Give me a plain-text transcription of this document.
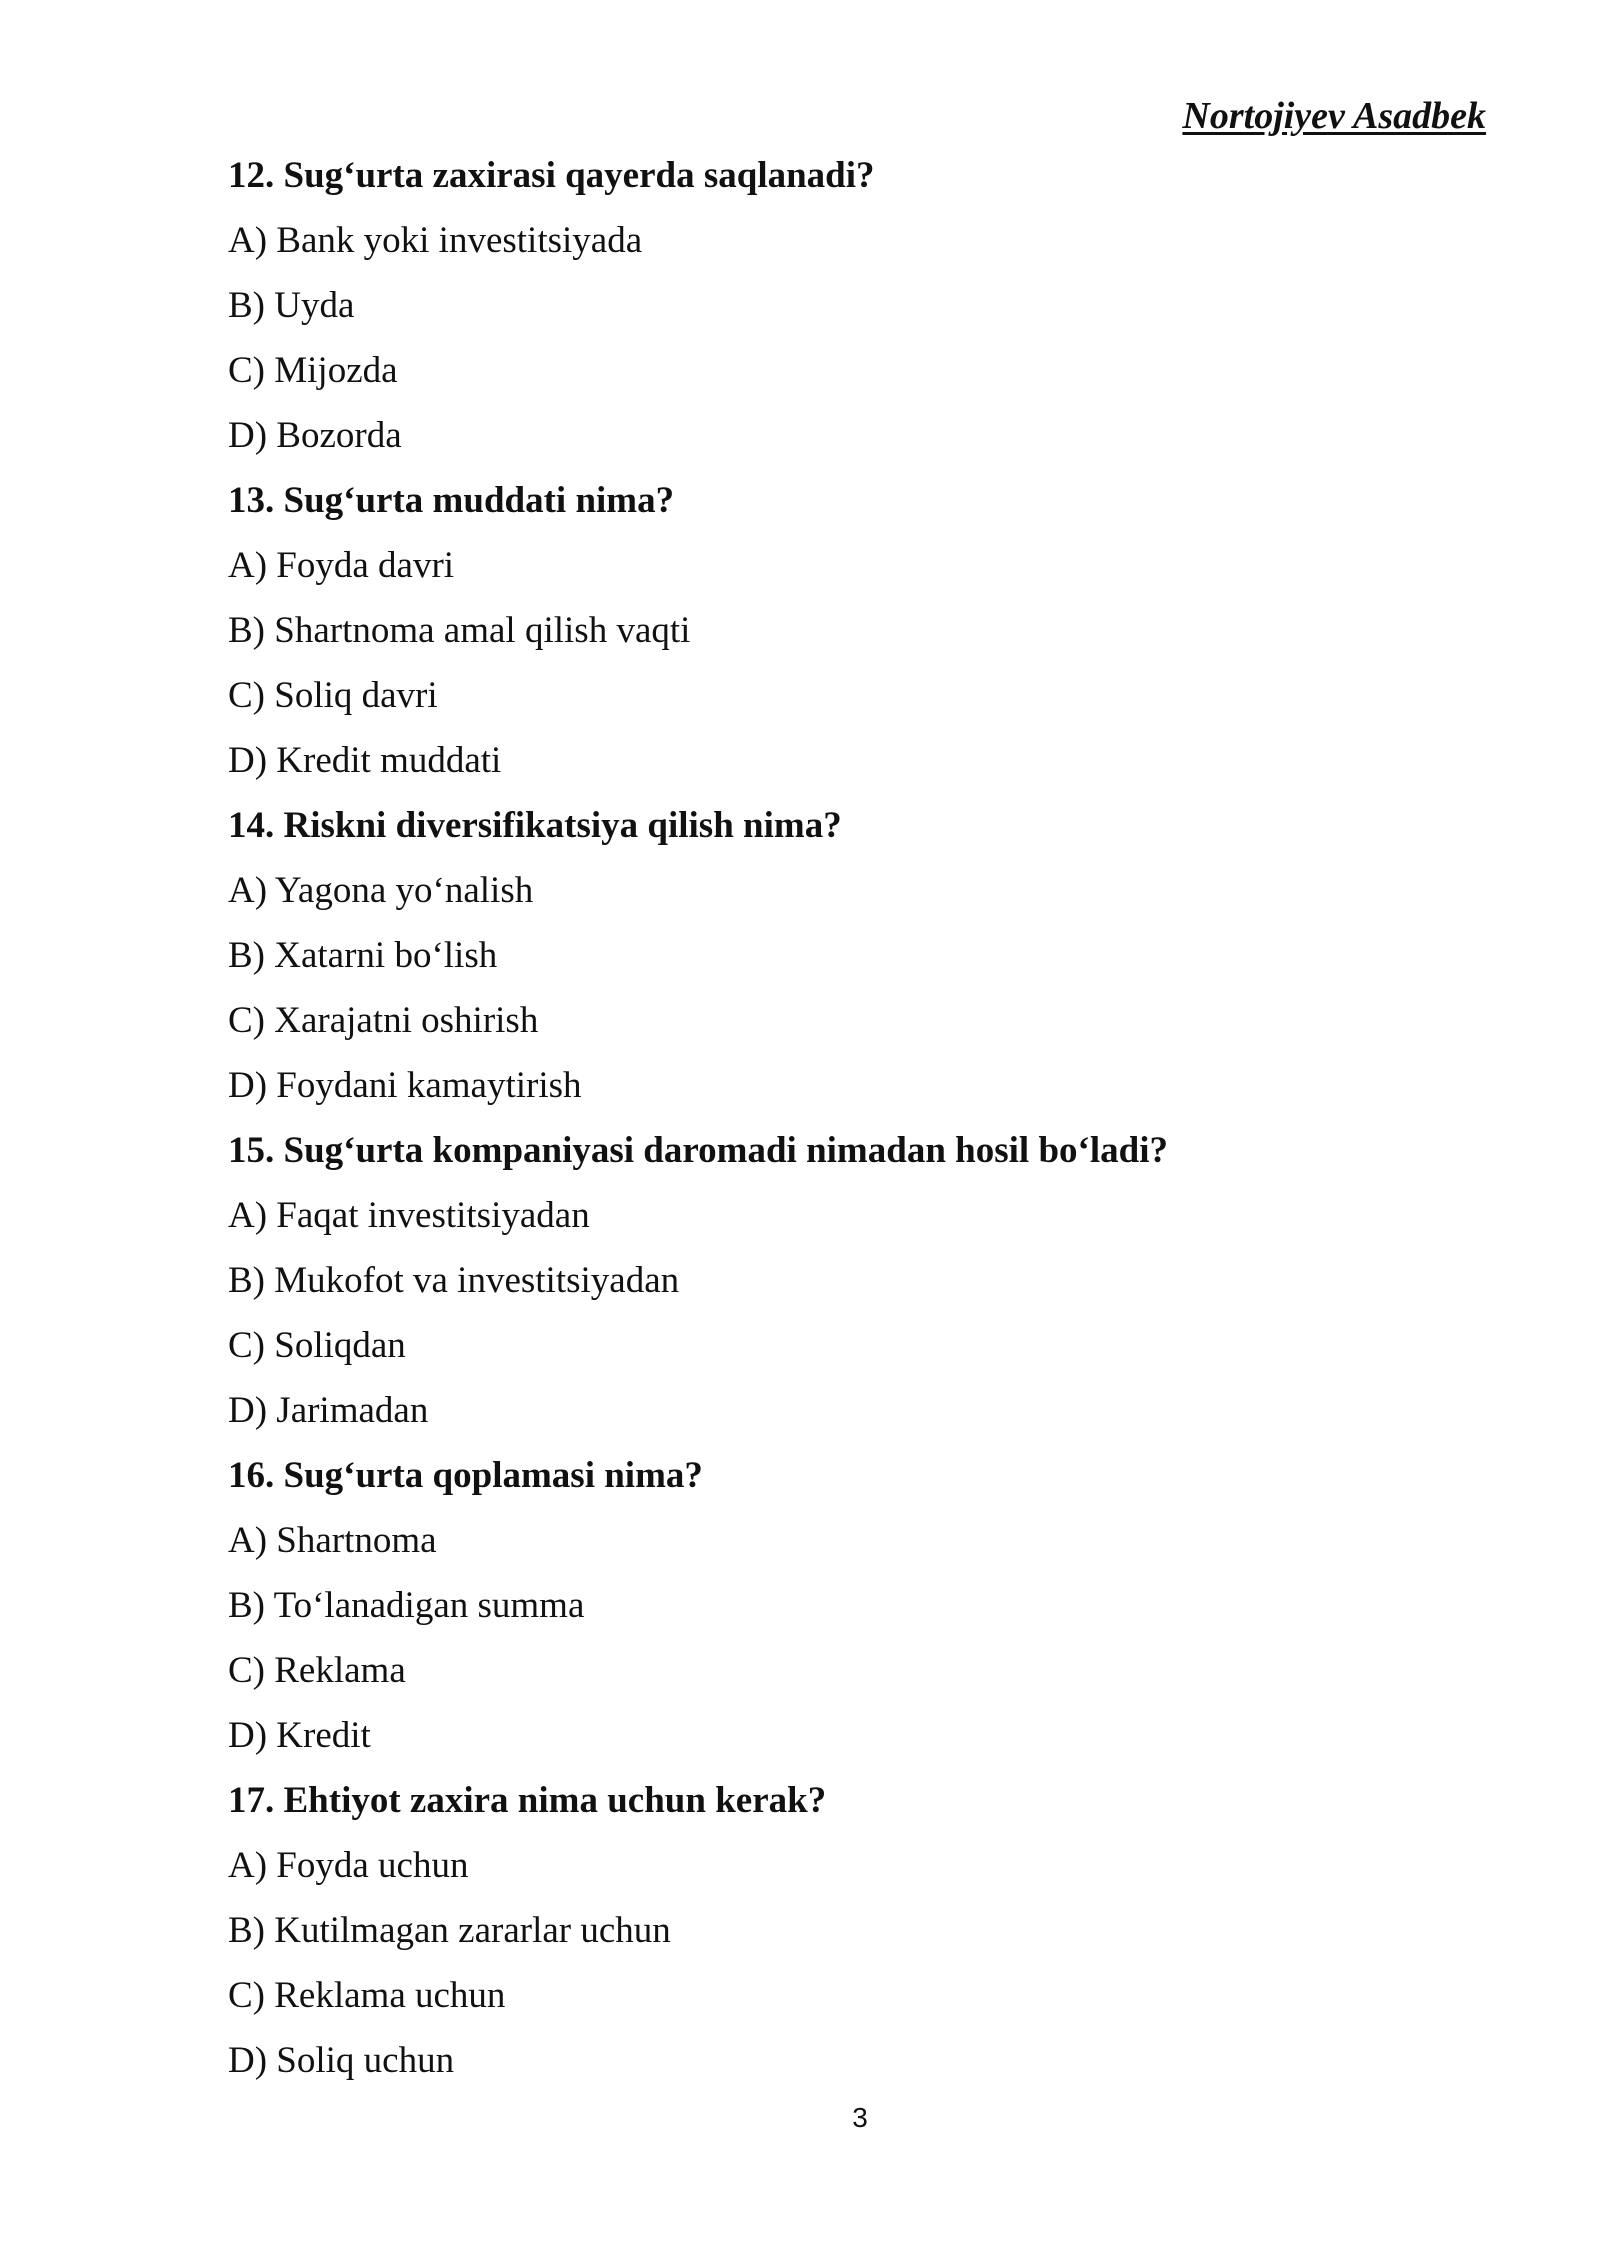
Nortojiyev Asadbek
12. Sug‘urta zaxirasi qayerda saqlanadi?
A) Bank yoki investitsiyada
B) Uyda
C) Mijozda
D) Bozorda
13. Sug‘urta muddati nima?
A) Foyda davri
B) Shartnoma amal qilish vaqti
C) Soliq davri
D) Kredit muddati
14. Riskni diversifikatsiya qilish nima?
A) Yagona yo‘nalish
B) Xatarni bo‘lish
C) Xarajatni oshirish
D) Foydani kamaytirish
15. Sug‘urta kompaniyasi daromadi nimadan hosil bo‘ladi?
A) Faqat investitsiyadan
B) Mukofot va investitsiyadan
C) Soliqdan
D) Jarimadan
16. Sug‘urta qoplamasi nima?
A) Shartnoma
B) To‘lanadigan summa
C) Reklama
D) Kredit
17. Ehtiyot zaxira nima uchun kerak?
A) Foyda uchun
B) Kutilmagan zararlar uchun
C) Reklama uchun
D) Soliq uchun
3
